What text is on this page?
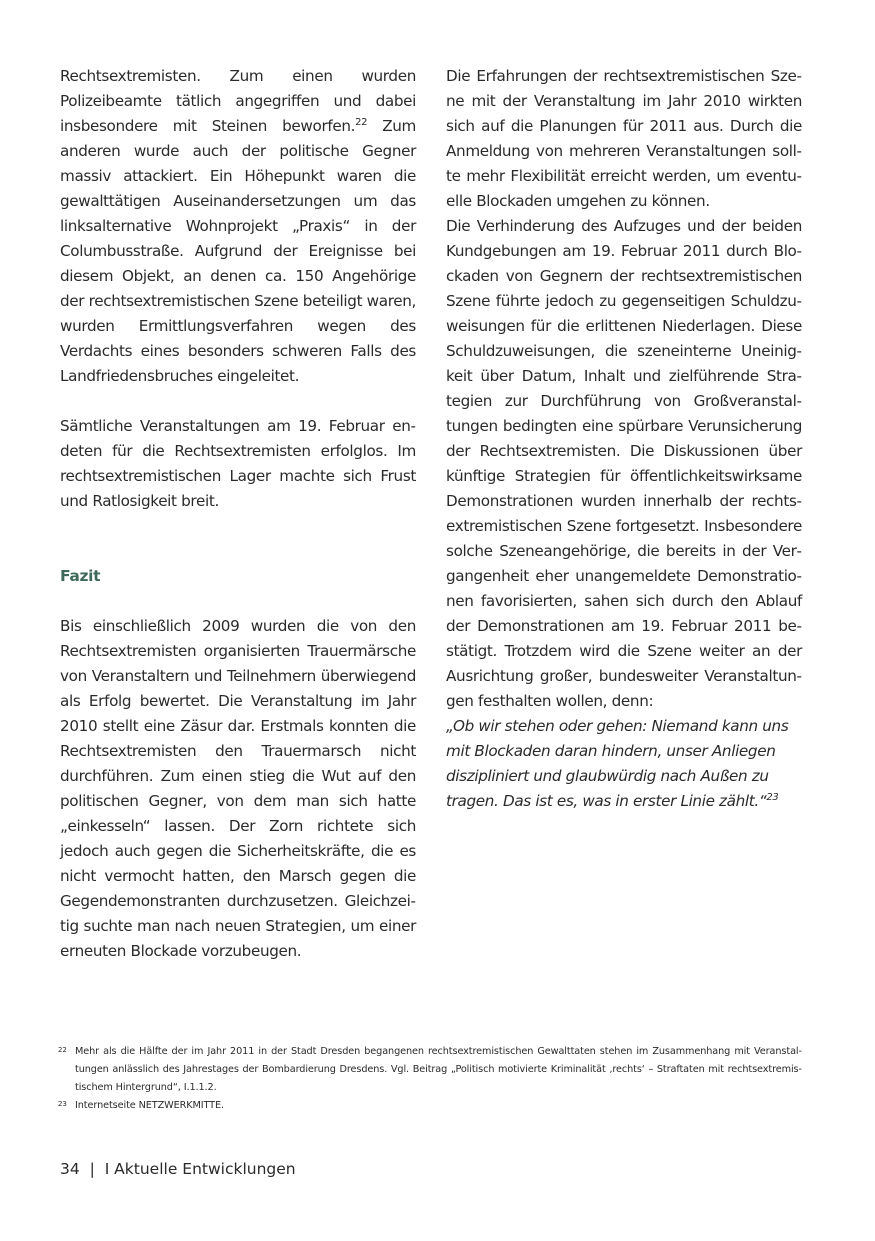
Rechtsextremisten. Zum einen wurden Polizeibeamte tätlich angegriffen und dabei insbesondere mit Steinen beworfen.$^{22}$ Zum anderen wurde auch der politische Gegner massiv attackiert. Ein Höhepunkt waren die gewalttätigen Auseinandersetzungen um das linksalternative Wohnprojekt „Praxis“ in der Columbusstraße. Aufgrund der Ereignisse bei diesem Objekt, an denen ca. 150 Angehörige der rechtsextremistischen Szene beteiligt waren, wurden Ermittlungsverfahren wegen des Verdachts eines besonders schweren Falls des Landfriedensbruches eingeleitet.

Sämtliche Veranstaltungen am 19. Februar endeten für die Rechtsextremisten erfolglos. Im rechtsextremistischen Lager machte sich Frust und Ratlosigkeit breit.

Fazit

Bis einschließlich 2009 wurden die von den Rechtsextremisten organisierten Trauermärsche von Veranstaltern und Teilnehmern überwiegend als Erfolg bewertet. Die Veranstaltung im Jahr 2010 stellt eine Zäsur dar. Erstmals konnten die Rechtsextremisten den Trauermarsch nicht durchführen. Zum einen stieg die Wut auf den politischen Gegner, von dem man sich hatte „einkesseln“ lassen. Der Zorn richtete sich jedoch auch gegen die Sicherheitskräfte, die es nicht vermocht hatten, den Marsch gegen die Gegendemonstranten durchzusetzen. Gleichzeitig suchte man nach neuen Strategien, um einer erneuten Blockade vorzubeugen.

Die Erfahrungen der rechtsextremistischen Szene mit der Veranstaltung im Jahr 2010 wirkten sich auf die Planungen für 2011 aus. Durch die Anmeldung von mehreren Veranstaltungen sollte mehr Flexibilität erreicht werden, um eventuelle Blockaden umgehen zu können.

Die Verhinderung des Aufzuges und der beiden Kundgebungen am 19. Februar 2011 durch Blockaden von Gegnern der rechtsextremistischen Szene führte jedoch zu gegenseitigen Schuldzuweisungen für die erlittenen Niederlagen. Diese Schuldzuweisungen, die szeneinterne Uneinigkeit über Datum, Inhalt und zielführende Strategien zur Durchführung von Großveranstaltungen bedingten eine spürbare Verunsicherung der Rechtsextremisten. Die Diskussionen über künftige Strategien für öffentlichkeitswirksame Demonstrationen wurden innerhalb der rechtsextremistischen Szene fortgesetzt. Insbesondere solche Szeneangehörige, die bereits in der Vergangenheit eher unangemeldete Demonstrationen favorisierten, sahen sich durch den Ablauf der Demonstrationen am 19. Februar 2011 bestätigt. Trotzdem wird die Szene weiter an der Ausrichtung großer, bundesweiter Veranstaltungen festhalten wollen, denn:

„Ob wir stehen oder gehen: Niemand kann uns mit Blockaden daran hindern, unser Anliegen diszipliniert und glaubwürdig nach Außen zu tragen. Das ist es, was in erster Linie zählt.“$^{23}$

22 Mehr als die Hälfte der im Jahr 2011 in der Stadt Dresden begangenen rechtsextremistischen Gewalttaten stehen im Zusammenhang mit Veranstaltungen anlässlich des Jahrestages der Bombardierung Dresdens. Vgl. Beitrag „Politisch motivierte Kriminalität ‚rechts‘ – Straftaten mit rechtsextremistischem Hintergrund“, I.1.1.2.
23 Internetseite NETZWERKMITTE.
34 | I Aktuelle Entwicklungen
